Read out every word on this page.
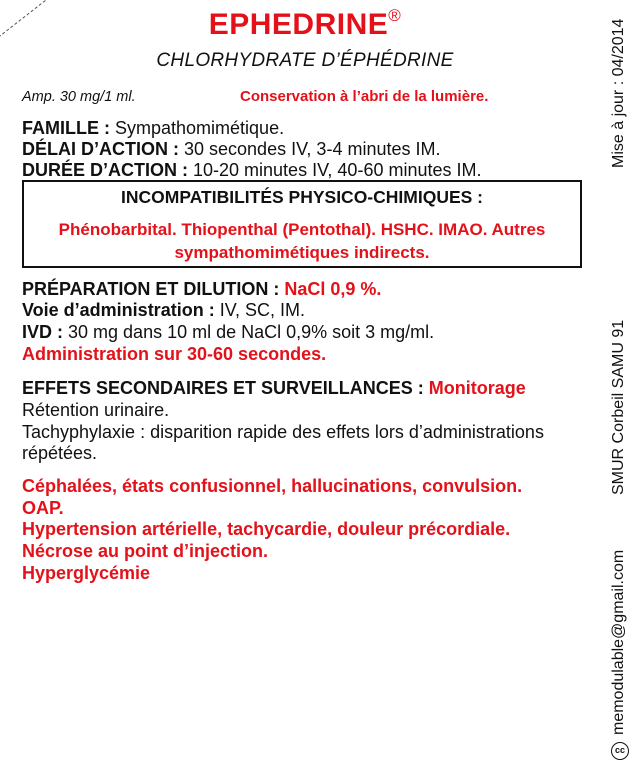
EPHEDRINE®
CHLORHYDRATE D’ÉPHÉDRINE
Amp. 30 mg/1 ml.	Conservation à l’abri de la lumière.
FAMILLE : Sympathomimétique.
DÉLAI D’ACTION : 30 secondes IV, 3-4 minutes IM.
DURÉE D’ACTION : 10-20 minutes IV, 40-60 minutes IM.
INCOMPATIBILITÉS PHYSICO-CHIMIQUES :
Phénobarbital. Thiopenthal (Pentothal). HSHC. IMAO. Autres
sympathomimétiques indirects.
PRÉPARATION ET DILUTION : NaCl 0,9 %.
Voie d’administration : IV, SC, IM.
IVD : 30 mg dans 10 ml de NaCl 0,9% soit 3 mg/ml.
Administration sur 30-60 secondes.
EFFETS SECONDAIRES ET SURVEILLANCES : Monitorage
Rétention urinaire.
Tachyphylaxie : disparition rapide des effets lors d’administrations
répétées.
Céphalées, états confusionnel, hallucinations, convulsion.
OAP.
Hypertension artérielle, tachycardie, douleur précordiale.
Nécrose au point d’injection.
Hyperglycémie
Mise à jour : 04/2014
SMUR Corbeil SAMU 91
memodulable@gmail.com
cc
